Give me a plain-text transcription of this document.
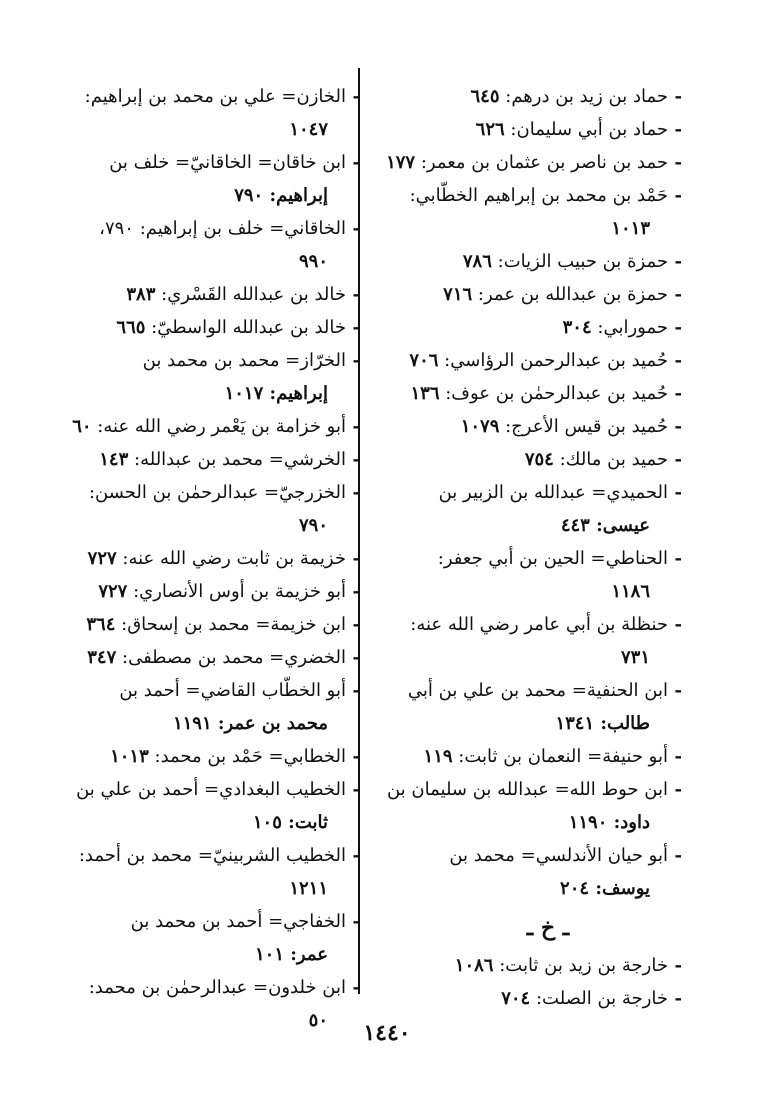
-
حماد بن زيد بن درهم: ٦٤٥
-
حماد بن أبي سليمان: ٦٢٦
-
حمد بن ناصر بن عثمان بن معمر: ١٧٧
-
حَمْد بن محمد بن إبراهيم الخطّابي:
١٠١٣
-
حمزة بن حبيب الزيات: ٧٨٦
-
حمزة بن عبدالله بن عمر: ٧١٦
-
حمورابي: ٣٠٤
-
حُميد بن عبدالرحمن الرؤاسي: ٧٠٦
-
حُميد بن عبدالرحمٰن بن عوف: ١٣٦
-
حُميد بن قيس الأعرج: ١٠٧٩
-
حميد بن مالك: ٧٥٤
-
الحميدي= عبدالله بن الزبير بن
عيسى: ٤٤٣
-
الحناطي= الحين بن أبي جعفر:
١١٨٦
-
حنظلة بن أبي عامر رضي الله عنه:
٧٣١
-
ابن الحنفية= محمد بن علي بن أبي
طالب: ١٣٤١
-
أبو حنيفة= النعمان بن ثابت: ١١٩
-
ابن حوط الله= عبدالله بن سليمان بن
داود: ١١٩٠
-
أبو حيان الأندلسي= محمد بن
يوسف: ٢٠٤
ـ خ ـ
-
خارجة بن زيد بن ثابت: ١٠٨٦
-
خارجة بن الصلت: ٧٠٤
-
الخازن= علي بن محمد بن إبراهيم:
١٠٤٧
-
ابن خاقان= الخاقانيّ= خلف بن
إبراهيم: ٧٩٠
-
الخاقاني= خلف بن إبراهيم: ٧٩٠،
٩٩٠
-
خالد بن عبدالله القَسْري: ٣٨٣
-
خالد بن عبدالله الواسطيّ: ٦٦٥
-
الخرّاز= محمد بن محمد بن
إبراهيم: ١٠١٧
-
أبو خزامة بن يَعْمر رضي الله عنه: ٦٠
-
الخرشي= محمد بن عبدالله: ١٤٣
-
الخزرجيّ= عبدالرحمٰن بن الحسن:
٧٩٠
-
خزيمة بن ثابت رضي الله عنه: ٧٢٧
-
أبو خزيمة بن أوس الأنصاري: ٧٢٧
-
ابن خزيمة= محمد بن إسحاق: ٣٦٤
-
الخضري= محمد بن مصطفى: ٣٤٧
-
أبو الخطّاب القاضي= أحمد بن
محمد بن عمر: ١١٩١
-
الخطابي= حَمْد بن محمد: ١٠١٣
-
الخطيب البغدادي= أحمد بن علي بن
ثابت: ١٠٥
-
الخطيب الشربينيّ= محمد بن أحمد:
١٢١١
-
الخفاجي= أحمد بن محمد بن
عمر: ١٠١
-
ابن خلدون= عبدالرحمٰن بن محمد:
٥٠	١٤٤٠
